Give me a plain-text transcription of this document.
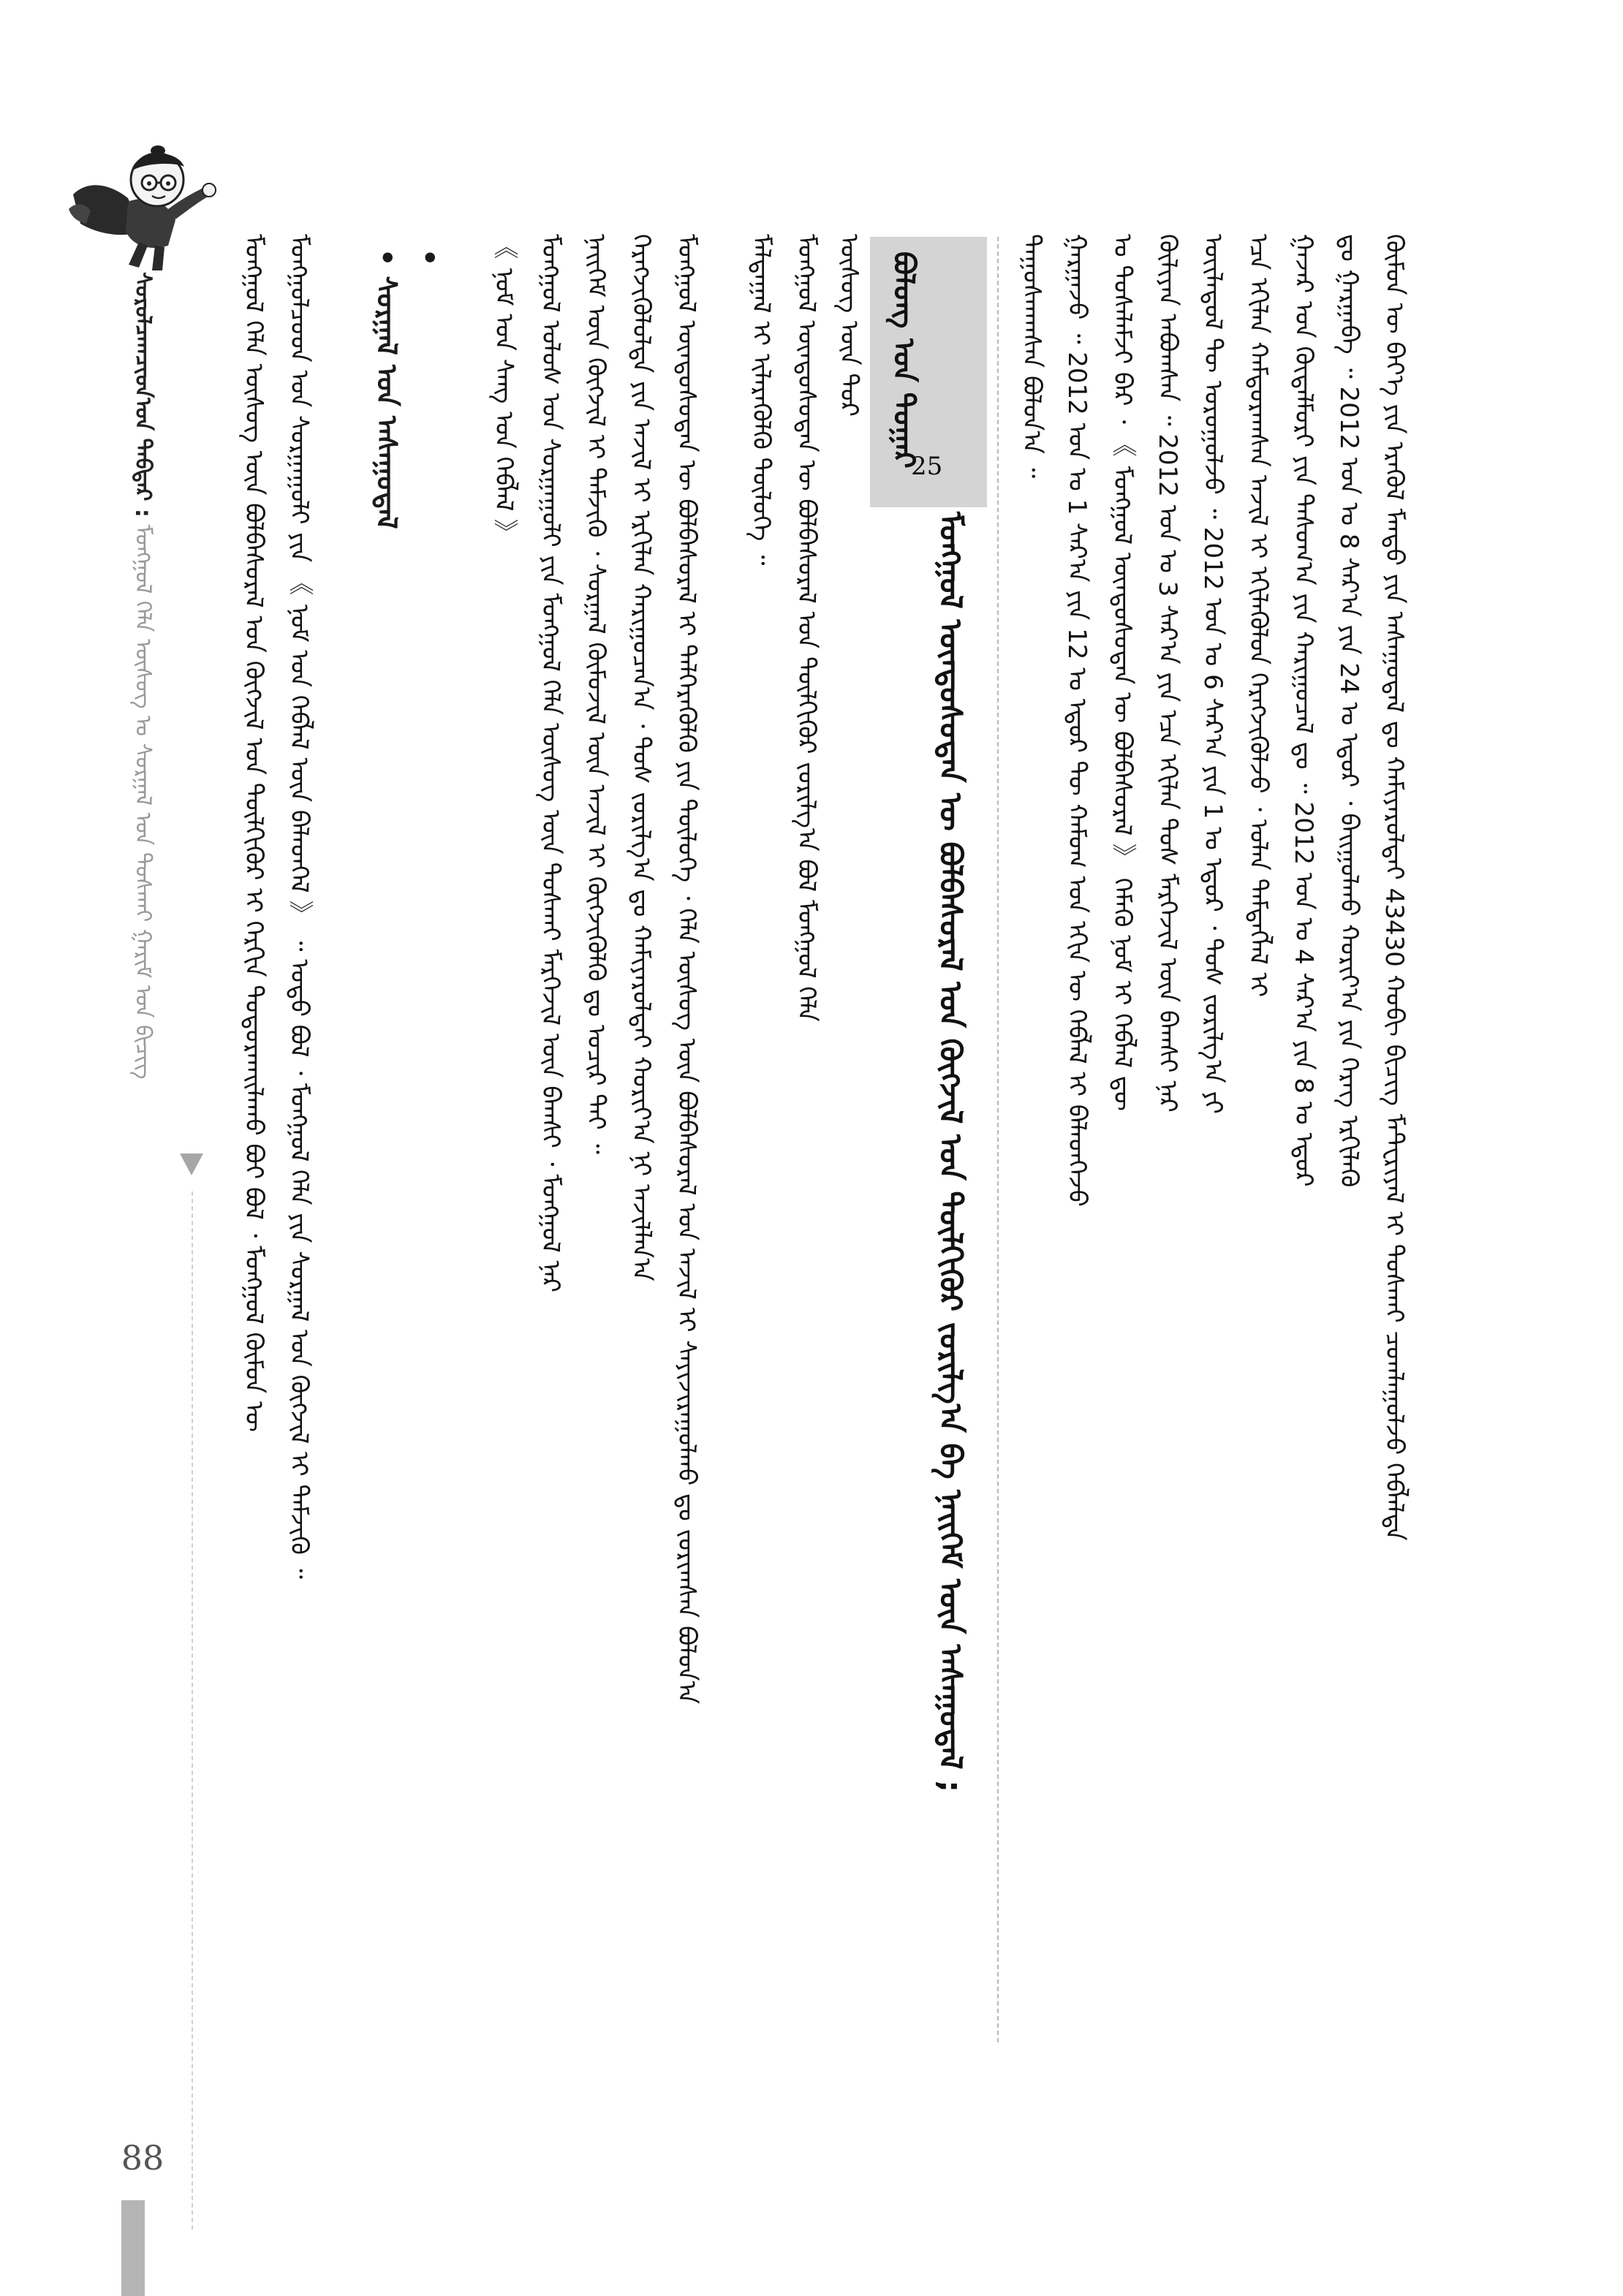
ᠰᠤᠷᠤᠯᠴᠠᠭᠴᠢᠳ᠎ᠤᠨ ᠳᠡᠪᠲᠡᠷ : ᠮᠣᠩᠭᠣᠯ ᠬᠡᠯᠡ ᠦᠰᠦᠭ ᠤ ᠰᠤᠷᠭᠠᠯ ᠤᠨ ᠲᠤᠰᠬᠠᠢ ᠭᠠᠷᠢᠮ ᠤᠨ ᠪᠢᠴᠢᠭ
88
ᠮᠣᠩᠭᠣᠯ ᠬᠡᠯᠡ ᠦᠰᠦᠭ ᠦᠨ ᠪᠣᠯᠪᠠᠰᠤᠷᠠᠯ ᠤᠨ ᠬᠥᠭᠵᠢᠯ ᠤᠨ ᠲᠦᠯᠬᠢᠭᠦᠷ ᠢ ᠬᠡᠷᠬᠢᠨ ᠲᠣᠳᠤᠷᠬᠠᠢᠯᠠᠬᠤ ᠪᠤᠢ ᠪᠣᠯ ᠂ ᠮᠣᠩᠭᠣᠯ ᠬᠦᠮᠦᠨ ᠦ ᠮᠣᠩᠭᠣᠯᠴᠤᠳ ᠤᠨ ᠰᠤᠷᠭᠠᠭᠤᠯᠢ ᠶᠢᠨ 《 ᠨᠣᠮ ᠤᠨ ᠬᠡᠪᠯᠡᠯ ᠦᠨ ᠪᠡᠯᠡᠳᠬᠡᠯ 》 ᠃ ᠣᠳᠣ ᠪᠣᠯ ᠂ ᠮᠣᠩᠭᠣᠯ ᠬᠡᠯᠡ ᠶᠢᠨ ᠰᠤᠷᠭᠠᠯ ᠤᠨ ᠬᠥᠭᠵᠢᠯ ᠢ ᠳᠡᠮᠵᠢᠬᠦ ᠃ • ᠰᠤᠷᠭᠠᠯ ᠤᠨ ᠠᠰᠠᠭᠤᠳᠠᠯ • 《 ᠨᠣᠮ ᠤᠨ ᠰᠠᠩ ᠤᠨ ᠬᠡᠪᠯᠡᠯ 》 ᠮᠣᠩᠭᠣᠯ ᠤᠯᠤᠰ ᠤᠨ ᠰᠤᠷᠭᠠᠭᠤᠯᠢ ᠶᠢᠨ ᠮᠣᠩᠭᠣᠯ ᠬᠡᠯᠡ ᠦᠰᠦᠭ ᠦᠨ ᠲᠤᠰᠬᠠᠢ ᠮᠡᠷᠭᠡᠵᠢᠯ ᠦᠨ ᠪᠠᠭᠰᠢ ᠂ ᠮᠣᠩᠭᠣᠯ ᠨᠠᠷ ᠨᠡᠢᠭᠡᠮ ᠦᠨ ᠬᠥᠭᠵᠢᠯ ᠢ ᠳᠡᠮᠵᠢᠬᠦ ᠂ ᠰᠤᠷᠭᠠᠯ ᠬᠦᠮᠦᠵᠢᠯ ᠦᠨ ᠠᠵᠢᠯ ᠢ ᠬᠥᠭᠵᠢᠭᠦᠯᠬᠦ ᠳᠤ ᠤᠴᠢᠷ ᠲᠠᠢ ᠃ ᠬᠡᠷᠡᠭᠵᠢᠭᠦᠯᠦᠯᠲᠡ ᠶᠢᠨ ᠠᠵᠢᠯ ᠢ ᠡᠷᠬᠢᠯᠡᠨ ᠬᠠᠷᠢᠭᠤᠴᠠᠨ᠎ᠠ ᠂ ᠲᠤᠰ ᠵᠣᠷᠢᠯᠭ᠎ᠠ ᠳᠤ ᠬᠠᠮᠢᠶᠠᠷᠤᠯᠲᠠᠢ ᠬᠣᠷᠢᠶ᠎ᠠ ᠨᠢ ᠠᠵᠢᠯᠯᠠᠨ᠎ᠠ ᠮᠣᠩᠭᠣᠯ ᠦᠨᠳᠦᠰᠦᠲᠡᠨ ᠦ ᠪᠣᠯᠪᠠᠰᠤᠷᠠᠯ ᠢ ᠳᠡᠯᠭᠡᠷᠡᠭᠦᠯᠬᠦ ᠶᠢᠨ ᠲᠥᠯᠦᠭᠡ ᠂ ᠬᠡᠯᠡ ᠦᠰᠦᠭ ᠦᠨ ᠪᠣᠯᠪᠠᠰᠤᠷᠠᠯ ᠤᠨ ᠠᠵᠢᠯ ᠢ ᠰᠠᠶᠢᠵᠢᠷᠠᠭᠤᠯᠬᠤ ᠳᠤ ᠵᠣᠷᠢᠭᠰᠠᠨ ᠪᠣᠯᠤᠨ᠎ᠠ ᠮᠠᠯᠲᠠᠭᠠᠯ ᠢ ᠢᠯᠡᠷᠡᠭᠦᠯᠬᠦ ᠲᠥᠯᠦᠭᠡ ᠃ ᠮᠣᠩᠭᠣᠯ ᠦᠨᠳᠦᠰᠦᠲᠡᠨ ᠦ ᠪᠣᠯᠪᠠᠰᠤᠷᠠᠯ ᠤᠨ ᠲᠦᠯᠬᠢᠭᠦᠷ ᠵᠣᠷᠢᠯᠭ᠎ᠠ ᠪᠣᠯ ᠮᠣᠩᠭᠣᠯ ᠬᠡᠯᠡ ᠦᠰᠦᠭ ᠦᠨ ᠳᠤᠷ ᠪᠤᠯᠤᠩ ᠤᠨ ᠳᠤᠭᠠᠷ
25
ᠮᠣᠩᠭᠣᠯ ᠦᠨᠳᠦᠰᠦᠲᠡᠨ ᠦ ᠪᠣᠯᠪᠠᠰᠤᠷᠠᠯ ᠤᠨ ᠬᠥᠭᠵᠢᠯ ᠤᠨ ᠲᠦᠯᠬᠢᠭᠦᠷ ᠵᠣᠷᠢᠯᠭ᠎ᠠ ᠪᠠ ᠨᠡᠢᠭᠡᠮ ᠦᠨ ᠠᠰᠠᠭᠤᠳᠠᠯ ;
ᠳᠠᠭᠤᠰᠬᠠᠭᠰᠠᠨ ᠪᠣᠯᠤᠨ᠎ᠠ ᠃ ᠭᠠᠷᠭᠠᠵᠤ ᠃ 2012 ᠣᠨ ᠤ 1 ᠰᠠᠷ᠎ᠠ ᠶᠢᠨ 12 ᠤ ᠡᠳᠦᠷ ᠲᠦ ᠬᠠᠮᠤᠭ ᠤᠨ ᠡᠬᠢᠨ ᠦ ᠬᠡᠪᠯᠡᠯ ᠢ ᠪᠡᠯᠡᠳᠬᠡᠵᠦ ᠤ ᠲᠤᠰᠠᠯᠠᠮᠵᠢ ᠪᠡᠷ ᠂ 《 ᠮᠣᠩᠭᠣᠯ ᠦᠨᠳᠦᠰᠦᠲᠡᠨ ᠦ ᠪᠣᠯᠪᠠᠰᠤᠷᠠᠯ 》 ᠬᠡᠮᠡᠬᠦ ᠨᠣᠮ ᠢ ᠬᠡᠪᠯᠡᠯ ᠳᠦ ᠬᠦᠯᠢᠶᠡᠨ ᠠᠪᠤᠭᠰᠠᠨ ᠃ 2012 ᠣᠨ ᠤ 3 ᠰᠠᠷ᠎ᠠ ᠶᠢᠨ ᠡᠴᠡ ᠡᠬᠢᠯᠡᠨ ᠲᠤᠰ ᠮᠡᠷᠭᠡᠵᠢᠯ ᠦᠨ ᠪᠠᠭᠰᠢ ᠨᠠᠷ ᠦᠢᠯᠡᠳᠦᠯ ᠲᠦ ᠣᠷᠣᠭᠤᠯᠵᠤ ᠃ 2012 ᠣᠨ ᠤ 6 ᠰᠠᠷ᠎ᠠ ᠶᠢᠨ 1 ᠤ ᠡᠳᠦᠷ ᠂ ᠲᠤᠰ ᠵᠣᠷᠢᠯᠭ᠎ᠠ ᠶᠢ ᠡᠴᠡ ᠡᠬᠢᠯᠡᠨ ᠬᠠᠮᠲᠤᠷᠠᠭᠰᠠᠨ ᠠᠵᠢᠯ ᠢ ᠡᠬᠢᠯᠡᠭᠦᠯᠦᠨ ᠬᠡᠷᠡᠭᠵᠢᠭᠦᠯᠵᠦ ᠂ ᠣᠯᠠᠨ ᠲᠡᠮᠳᠡᠭᠯᠡᠯ ᠢ ᠭᠠᠵᠠᠷ ᠤᠨ ᠬᠥᠳᠡᠯᠮᠦᠷᠢ ᠶᠢᠨ ᠲᠠᠰᠤᠭ᠎ᠠ ᠶᠢᠨ ᠬᠠᠷᠢᠭᠤᠴᠠᠯ ᠳᠤ ᠃ 2012 ᠣᠨ ᠤ 4 ᠰᠠᠷ᠎ᠠ ᠶᠢᠨ 8 ᠤ ᠡᠳᠦᠷ ᠳᠤ ᠭᠠᠷᠭᠠᠪᠠ ᠃ 2012 ᠣᠨ ᠤ 8 ᠰᠠᠷ᠎ᠠ ᠶᠢᠨ 24 ᠤ ᠡᠳᠦᠷ ᠂ ᠪᠠᠢᠭᠤᠯᠬᠤ ᠬᠣᠷᠢᠶ᠎ᠠ ᠶᠢᠨ ᠬᠡᠷᠡᠭ ᠡᠷᠬᠢᠯᠡᠬᠦ ᠬᠦᠮᠦᠨ ᠦ ᠪᠡᠶ᠎ᠡ ᠶᠢᠨ ᠡᠷᠡᠭᠦᠯ ᠮᠡᠨᠳᠦ ᠶᠢᠨ ᠠᠰᠠᠭᠤᠳᠠᠯ ᠳᠤ ᠬᠠᠮᠢᠶᠠᠷᠤᠯᠲᠠᠢ 43430 ᠬᠤᠪᠢ ᠪᠢᠴᠢᠭ᠌ ᠮᠠᠲ᠋ᠧᠷᠢᠶᠠᠯ ᠢ ᠲᠤᠰᠬᠠᠢ ᠴᠤᠭᠯᠠᠭᠤᠯᠵᠤ ᠬᠡᠪᠯᠡᠯᠳᠡ
